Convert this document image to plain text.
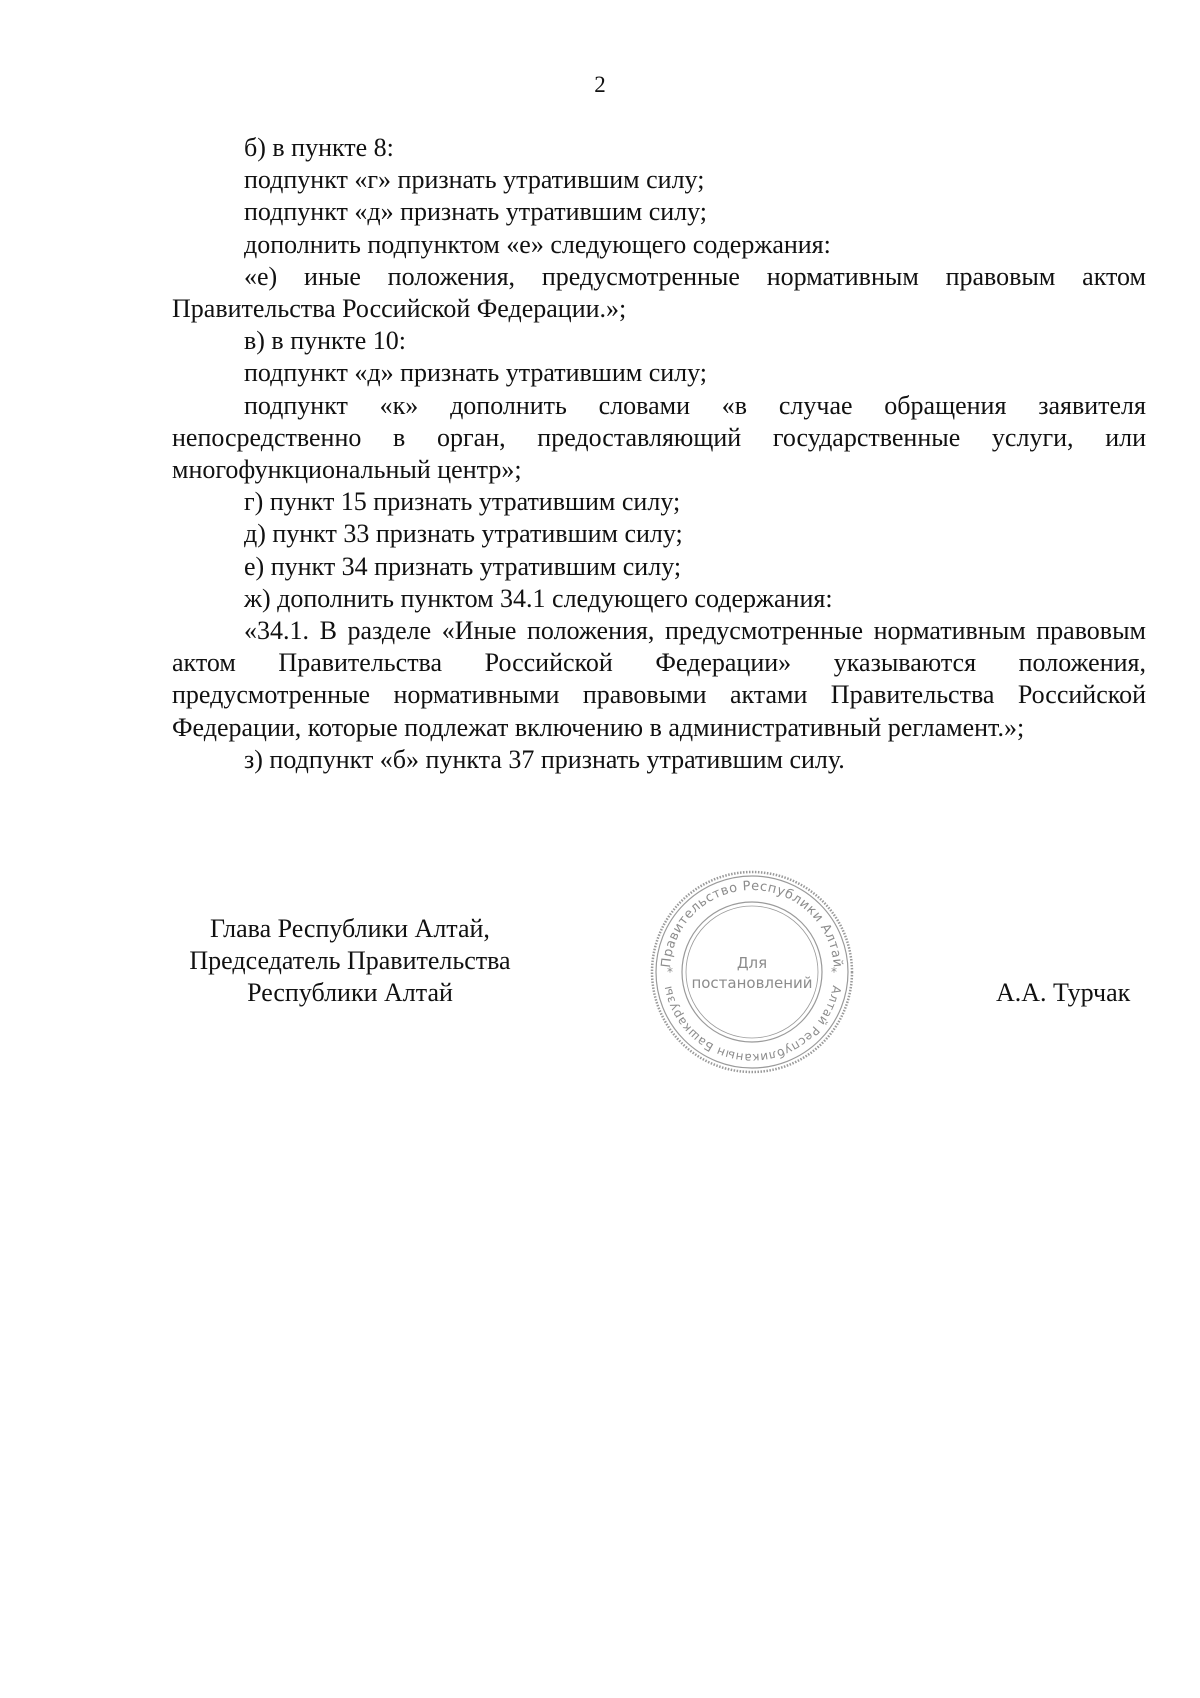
2

б) в пункте 8:

подпункт «г» признать утратившим силу;

подпункт «д» признать утратившим силу;

дополнить подпунктом «е» следующего содержания:

«е) иные положения, предусмотренные нормативным правовым актом Правительства Российской Федерации.»;

в) в пункте 10:

подпункт «д» признать утратившим силу;

подпункт «к» дополнить словами «в случае обращения заявителя непосредственно в орган, предоставляющий государственные услуги, или многофункциональный центр»;

г) пункт 15 признать утратившим силу;

д) пункт 33 признать утратившим силу;

е) пункт 34 признать утратившим силу;

ж) дополнить пунктом 34.1 следующего содержания:

«34.1. В разделе «Иные положения, предусмотренные нормативным правовым актом Правительства Российской Федерации» указываются положения, предусмотренные нормативными правовыми актами Правительства Российской Федерации, которые подлежат включению в административный регламент.»;

з) подпункт «б» пункта 37 признать утратившим силу.

Глава Республики Алтай,
Председатель Правительства
Республики Алтай
Правительство Республики Алтай
Алтай Республиканын Башкарузы
*	*
Для
постановлений	А.А. Турчак
